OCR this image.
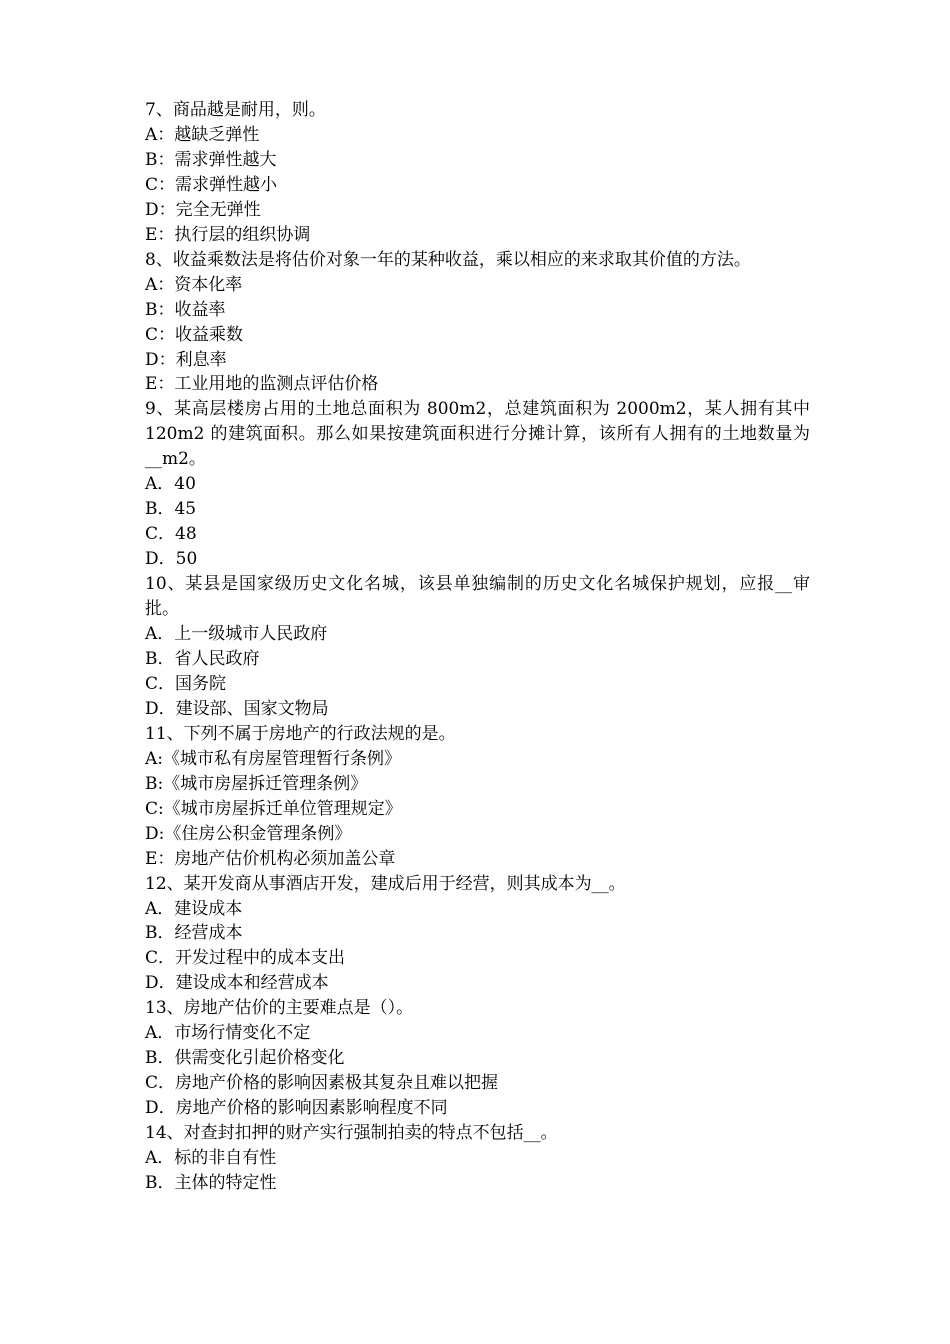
7、商品越是耐用，则。

A：越缺乏弹性

B：需求弹性越大

C：需求弹性越小

D：完全无弹性

E：执行层的组织协调

8、收益乘数法是将估价对象一年的某种收益，乘以相应的来求取其价值的方法。

A：资本化率

B：收益率

C：收益乘数

D：利息率

E：工业用地的监测点评估价格

9、某高层楼房占用的土地总面积为 800m2，总建筑面积为 2000m2，某人拥有其中 120m2 的建筑面积。那么如果按建筑面积进行分摊计算，该所有人拥有的土地数量为__m2。

A．40

B．45

C．48

D．50

10、某县是国家级历史文化名城，该县单独编制的历史文化名城保护规划，应报__审批。

A．上一级城市人民政府

B．省人民政府

C．国务院

D．建设部、国家文物局

11、下列不属于房地产的行政法规的是。

A:《城市私有房屋管理暂行条例》

B:《城市房屋拆迁管理条例》

C:《城市房屋拆迁单位管理规定》

D:《住房公积金管理条例》

E：房地产估价机构必须加盖公章

12、某开发商从事酒店开发，建成后用于经营，则其成本为__。

A．建设成本

B．经营成本

C．开发过程中的成本支出

D．建设成本和经营成本

13、房地产估价的主要难点是（）。

A．市场行情变化不定

B．供需变化引起价格变化

C．房地产价格的影响因素极其复杂且难以把握

D．房地产价格的影响因素影响程度不同

14、对查封扣押的财产实行强制拍卖的特点不包括__。

A．标的非自有性

B．主体的特定性
